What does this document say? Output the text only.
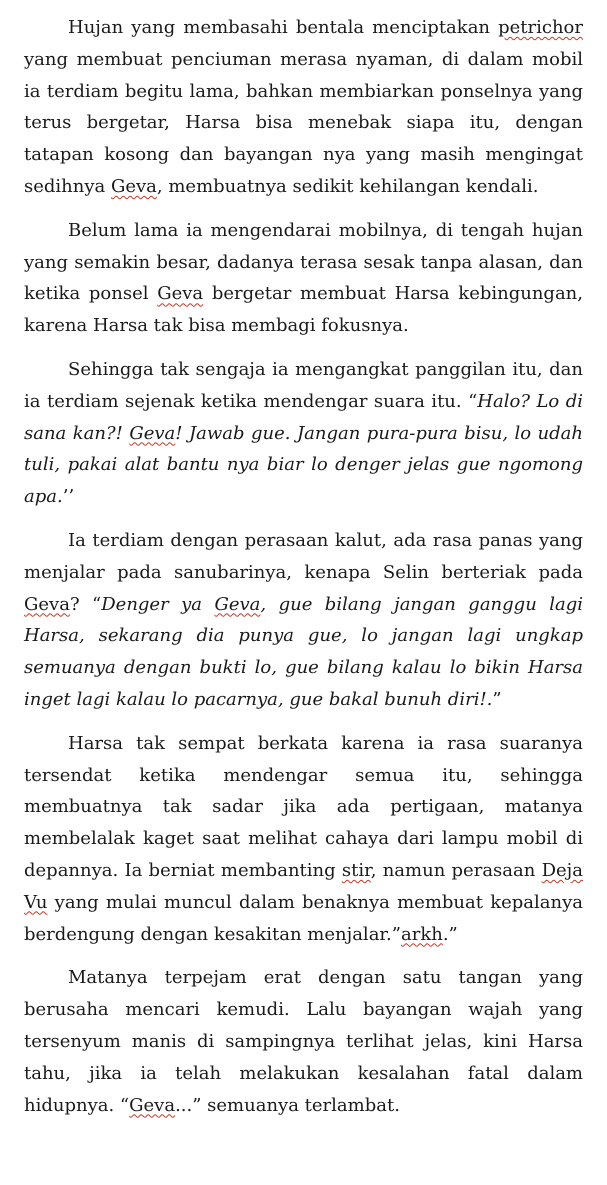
Hujan yang membasahi bentala menciptakan petrichor yang membuat penciuman merasa nyaman, di dalam mobil ia terdiam begitu lama, bahkan membiarkan ponselnya yang terus bergetar, Harsa bisa menebak siapa itu, dengan tatapan kosong dan bayangan nya yang masih mengingat sedihnya Geva, membuatnya sedikit kehilangan kendali.

Belum lama ia mengendarai mobilnya, di tengah hujan yang semakin besar, dadanya terasa sesak tanpa alasan, dan ketika ponsel Geva bergetar membuat Harsa kebingungan, karena Harsa tak bisa membagi fokusnya.

Sehingga tak sengaja ia mengangkat panggilan itu, dan ia terdiam sejenak ketika mendengar suara itu. “Halo? Lo di sana kan?! Geva! Jawab gue. Jangan pura-pura bisu, lo udah tuli, pakai alat bantu nya biar lo denger jelas gue ngomong apa.’’

Ia terdiam dengan perasaan kalut, ada rasa panas yang menjalar pada sanubarinya, kenapa Selin berteriak pada Geva? “Denger ya Geva, gue bilang jangan ganggu lagi Harsa, sekarang dia punya gue, lo jangan lagi ungkap semuanya dengan bukti lo, gue bilang kalau lo bikin Harsa inget lagi kalau lo pacarnya, gue bakal bunuh diri!.”

Harsa tak sempat berkata karena ia rasa suaranya tersendat ketika mendengar semua itu, sehingga membuatnya tak sadar jika ada pertigaan, matanya membelalak kaget saat melihat cahaya dari lampu mobil di depannya. Ia berniat membanting stir, namun perasaan Deja Vu yang mulai muncul dalam benaknya membuat kepalanya berdengung dengan kesakitan menjalar.”arkh.”

Matanya terpejam erat dengan satu tangan yang berusaha mencari kemudi. Lalu bayangan wajah yang tersenyum manis di sampingnya terlihat jelas, kini Harsa tahu, jika ia telah melakukan kesalahan fatal dalam hidupnya. “Geva...” semuanya terlambat.
